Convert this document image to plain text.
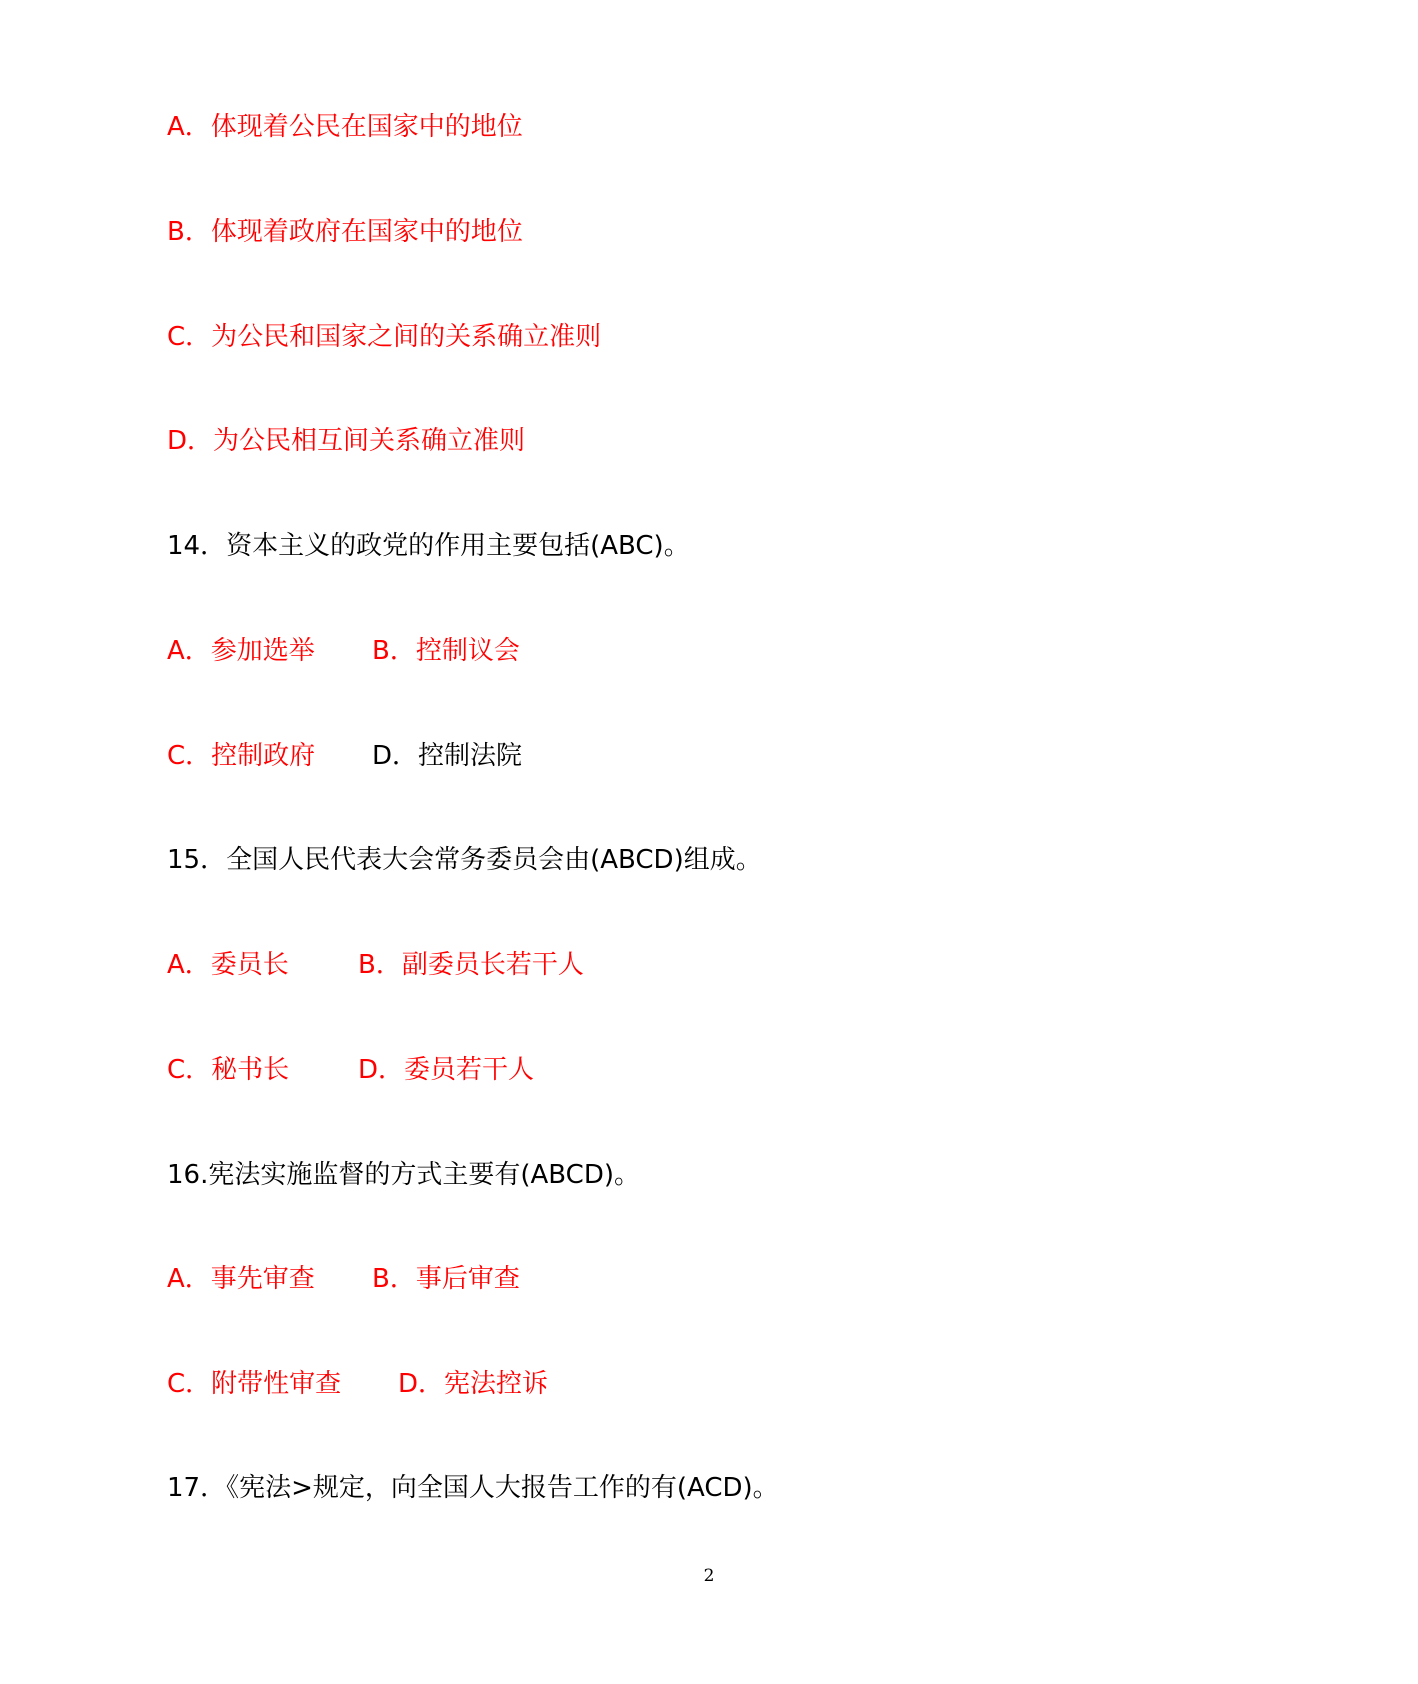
A．体现着公民在国家中的地位
B．体现着政府在国家中的地位
C．为公民和国家之间的关系确立准则
D．为公民相互间关系确立准则
14．资本主义的政党的作用主要包括(ABC)。
A．参加选举 B．控制议会
C．控制政府 D．控制法院
15．全国人民代表大会常务委员会由(ABCD)组成。
A．委员长	B．副委员长若干人
C．秘书长	D．委员若干人
16.宪法实施监督的方式主要有(ABCD)。
A．事先审查 B．事后审查
C．附带性审查 D．宪法控诉
17．《宪法>规定，向全国人大报告工作的有(ACD)。
2
